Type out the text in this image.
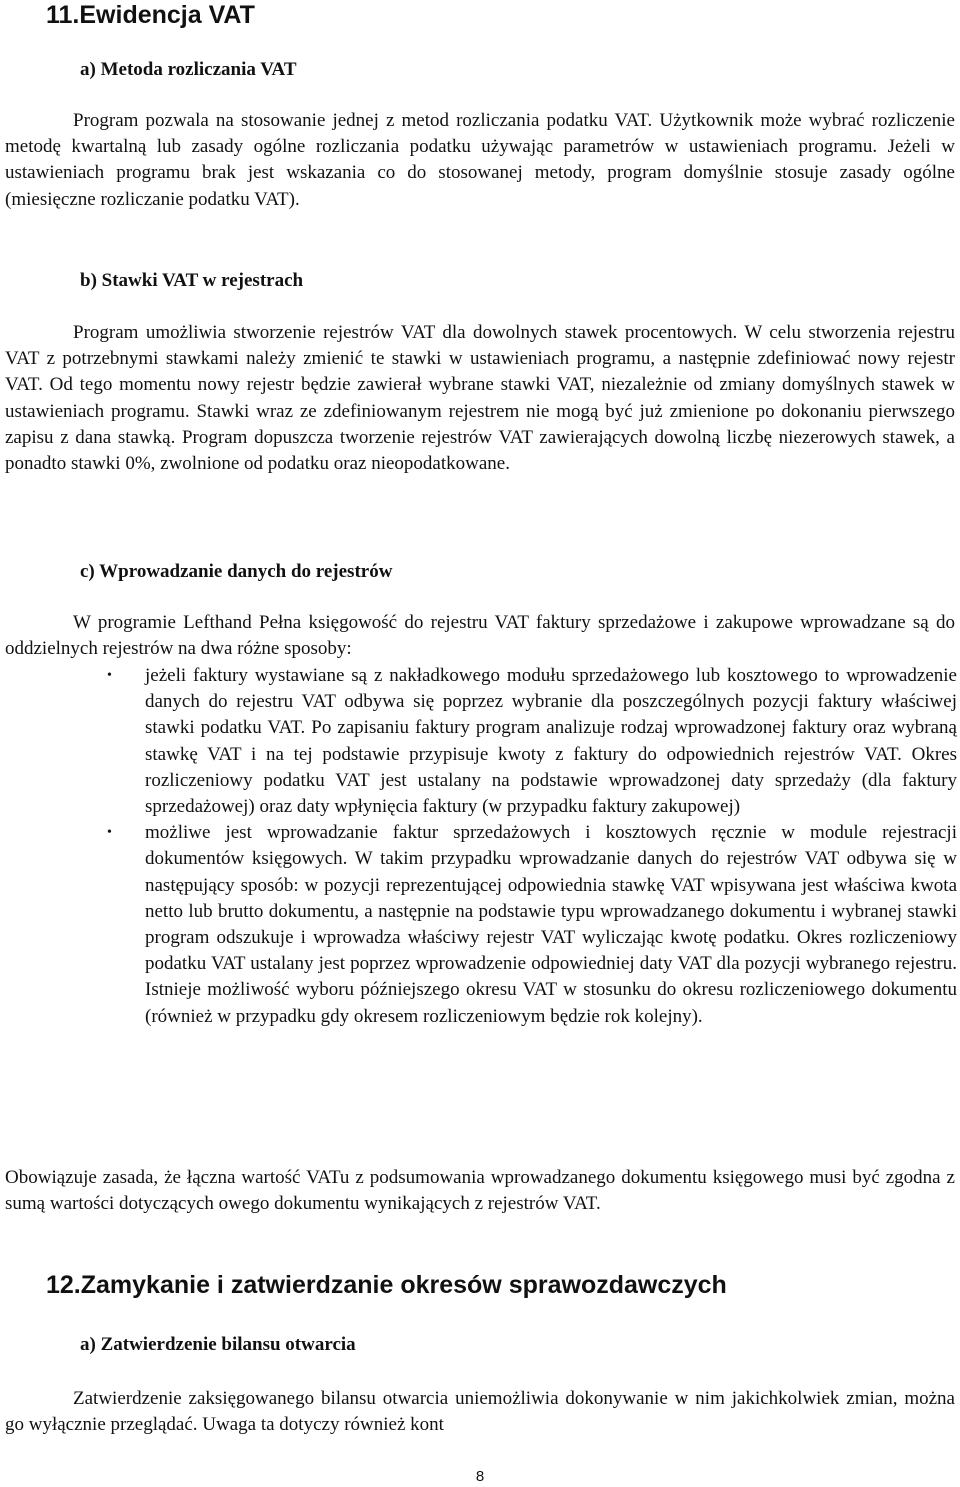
11.Ewidencja VAT
a) Metoda rozliczania VAT

Program pozwala na stosowanie jednej z metod rozliczania podatku VAT. Użytkownik może wybrać rozliczenie metodę kwartalną lub zasady ogólne rozliczania podatku używając parametrów w ustawieniach programu. Jeżeli w ustawieniach programu brak jest wskazania co do stosowanej metody, program domyślnie stosuje zasady ogólne (miesięczne rozliczanie podatku VAT).

b) Stawki VAT w rejestrach

Program umożliwia stworzenie rejestrów VAT dla dowolnych stawek procentowych. W celu stworzenia rejestru VAT z potrzebnymi stawkami należy zmienić te stawki w ustawieniach programu, a następnie zdefiniować nowy rejestr VAT. Od tego momentu nowy rejestr będzie zawierał wybrane stawki VAT, niezależnie od zmiany domyślnych stawek w ustawieniach programu. Stawki wraz ze zdefiniowanym rejestrem nie mogą być już zmienione po dokonaniu pierwszego zapisu z dana stawką. Program dopuszcza tworzenie rejestrów VAT zawierających dowolną liczbę niezerowych stawek, a ponadto stawki 0%, zwolnione od podatku oraz nieopodatkowane.

c) Wprowadzanie danych do rejestrów

W programie Lefthand Pełna księgowość do rejestru VAT faktury sprzedażowe i zakupowe wprowadzane są do oddzielnych rejestrów na dwa różne sposoby:

• jeżeli faktury wystawiane są z nakładkowego modułu sprzedażowego lub kosztowego to wprowadzenie danych do rejestru VAT odbywa się poprzez wybranie dla poszczególnych pozycji faktury właściwej stawki podatku VAT. Po zapisaniu faktury program analizuje rodzaj wprowadzonej faktury oraz wybraną stawkę VAT i na tej podstawie przypisuje kwoty z faktury do odpowiednich rejestrów VAT. Okres rozliczeniowy podatku VAT jest ustalany na podstawie wprowadzonej daty sprzedaży (dla faktury sprzedażowej) oraz daty wpłynięcia faktury (w przypadku faktury zakupowej)
• możliwe jest wprowadzanie faktur sprzedażowych i kosztowych ręcznie w module rejestracji dokumentów księgowych. W takim przypadku wprowadzanie danych do rejestrów VAT odbywa się w następujący sposób: w pozycji reprezentującej odpowiednia stawkę VAT wpisywana jest właściwa kwota netto lub brutto dokumentu, a następnie na podstawie typu wprowadzanego dokumentu i wybranej stawki program odszukuje i wprowadza właściwy rejestr VAT wyliczając kwotę podatku. Okres rozliczeniowy podatku VAT ustalany jest poprzez wprowadzenie odpowiedniej daty VAT dla pozycji wybranego rejestru. Istnieje możliwość wyboru późniejszego okresu VAT w stosunku do okresu rozliczeniowego dokumentu (również w przypadku gdy okresem rozliczeniowym będzie rok kolejny).

Obowiązuje zasada, że łączna wartość VATu z podsumowania wprowadzanego dokumentu księgowego musi być zgodna z sumą wartości dotyczących owego dokumentu wynikających z rejestrów VAT.

12.Zamykanie i zatwierdzanie okresów sprawozdawczych
a) Zatwierdzenie bilansu otwarcia

Zatwierdzenie zaksięgowanego bilansu otwarcia uniemożliwia dokonywanie w nim jakichkolwiek zmian, można go wyłącznie przeglądać. Uwaga ta dotyczy również kont

8
